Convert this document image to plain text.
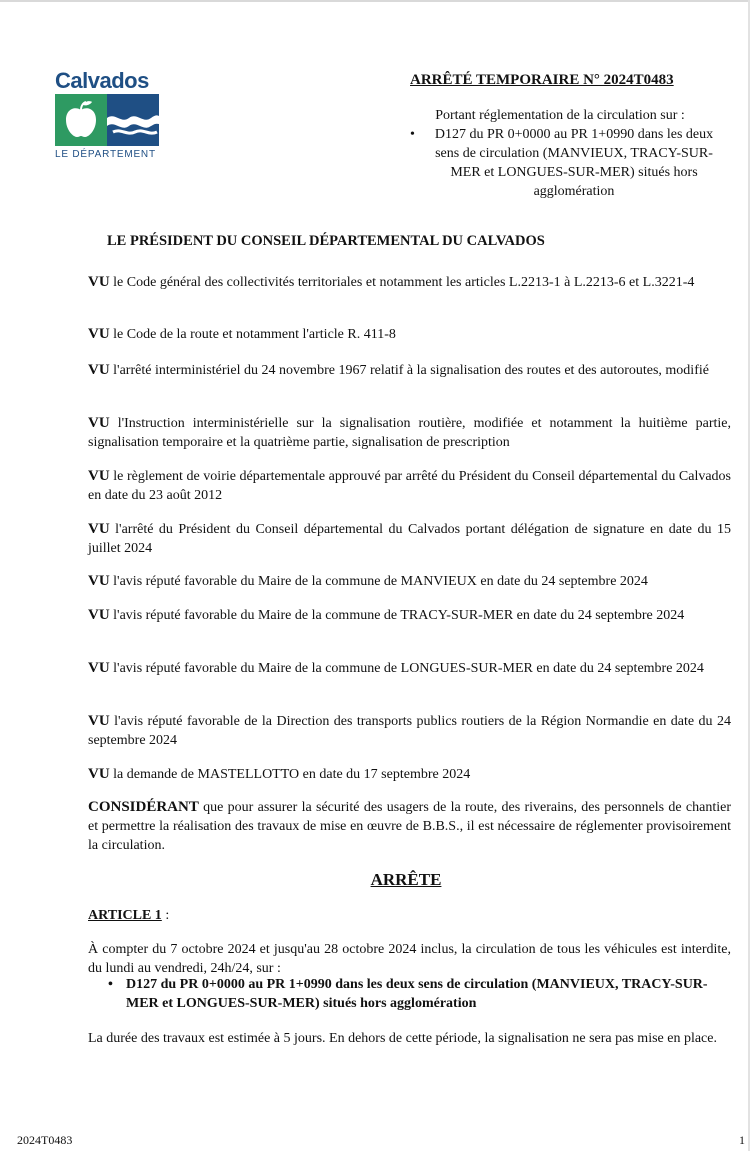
Calvados
LE DÉPARTEMENT
ARRÊTÉ TEMPORAIRE N° 2024T0483
Portant réglementation de la circulation sur :
• D127 du PR 0+0000 au PR 1+0990 dans les deux sens de circulation (MANVIEUX, TRACY-SUR-MER et LONGUES-SUR-MER) situés hors agglomération
LE PRÉSIDENT DU CONSEIL DÉPARTEMENTAL DU CALVADOS
VU le Code général des collectivités territoriales et notamment les articles L.2213-1 à L.2213-6 et L.3221-4
VU le Code de la route et notamment l'article R. 411-8
VU l'arrêté interministériel du 24 novembre 1967 relatif à la signalisation des routes et des autoroutes, modifié
VU l'Instruction interministérielle sur la signalisation routière, modifiée et notamment la huitième partie, signalisation temporaire et la quatrième partie, signalisation de prescription
VU le règlement de voirie départementale approuvé par arrêté du Président du Conseil départemental du Calvados en date du 23 août 2012
VU l'arrêté du Président du Conseil départemental du Calvados portant délégation de signature en date du 15 juillet 2024
VU l'avis réputé favorable du Maire de la commune de MANVIEUX en date du 24 septembre 2024
VU l'avis réputé favorable du Maire de la commune de TRACY-SUR-MER en date du 24 septembre 2024
VU l'avis réputé favorable du Maire de la commune de LONGUES-SUR-MER en date du 24 septembre 2024
VU l'avis réputé favorable de la Direction des transports publics routiers de la Région Normandie en date du 24 septembre 2024
VU la demande de MASTELLOTTO en date du 17 septembre 2024
CONSIDÉRANT que pour assurer la sécurité des usagers de la route, des riverains, des personnels de chantier et permettre la réalisation des travaux de mise en œuvre de B.B.S., il est nécessaire de réglementer provisoirement la circulation.
ARRÊTE
ARTICLE 1 :
À compter du 7 octobre 2024 et jusqu'au 28 octobre 2024 inclus, la circulation de tous les véhicules est interdite, du lundi au vendredi, 24h/24, sur :
• D127 du PR 0+0000 au PR 1+0990 dans les deux sens de circulation (MANVIEUX, TRACY-SUR-MER et LONGUES-SUR-MER) situés hors agglomération
La durée des travaux est estimée à 5 jours. En dehors de cette période, la signalisation ne sera pas mise en place.
2024T0483	1
